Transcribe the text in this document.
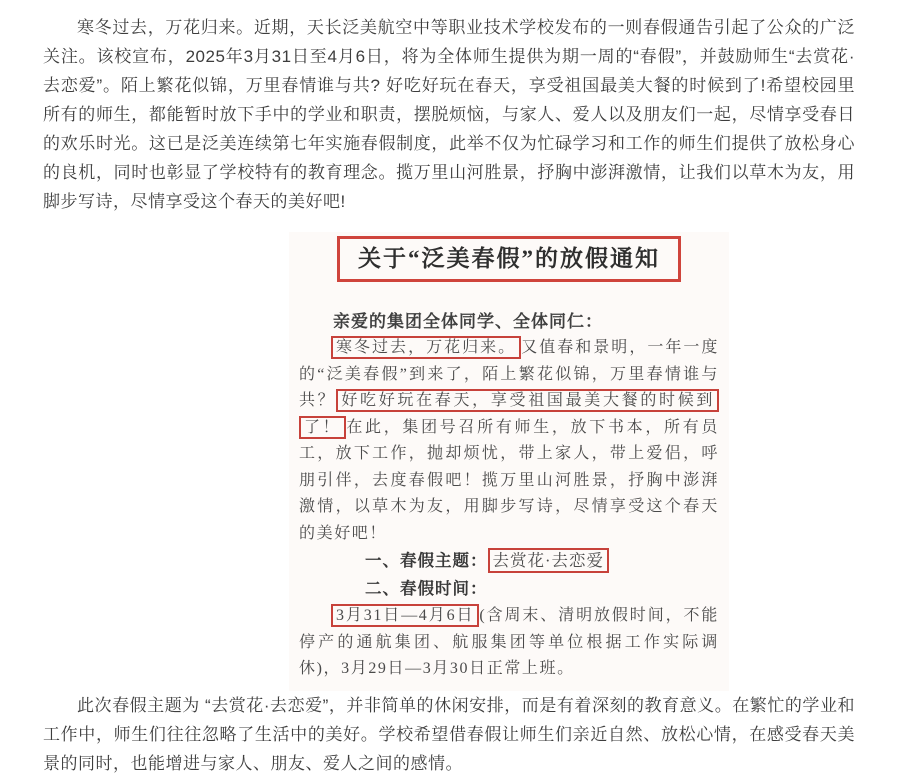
寒冬过去，万花归来。近期，天长泛美航空中等职业技术学校发布的一则春假通告引起了公众的广泛关注。该校宣布，2025年3月31日至4月6日，将为全体师生提供为期一周的“春假”，并鼓励师生“去赏花·去恋爱”。陌上繁花似锦，万里春情谁与共? 好吃好玩在春天，享受祖国最美大餐的时候到了!希望校园里所有的师生，都能暂时放下手中的学业和职责，摆脱烦恼，与家人、爱人以及朋友们一起，尽情享受春日的欢乐时光。这已是泛美连续第七年实施春假制度，此举不仅为忙碌学习和工作的师生们提供了放松身心的良机，同时也彰显了学校特有的教育理念。揽万里山河胜景，抒胸中澎湃激情，让我们以草木为友，用脚步写诗，尽情享受这个春天的美好吧!

关于“泛美春假”的放假通知

亲爱的集团全体同学、全体同仁：

寒冬过去，万花归来。 又值春和景明，一年一度的“泛美春假”到来了，陌上繁花似锦，万里春情谁与共？ 好吃好玩在春天，享受祖国最美大餐的时候到了！ 在此，集团号召所有师生，放下书本，所有员工，放下工作，抛却烦忧，带上家人，带上爱侣，呼朋引伴，去度春假吧！揽万里山河胜景，抒胸中澎湃激情，以草木为友，用脚步写诗，尽情享受这个春天的美好吧！

一、春假主题： 去赏花·去恋爱

二、春假时间：

3月31日—4月6日 (含周末、清明放假时间，不能停产的通航集团、航服集团等单位根据工作实际调休)，3月29日—3月30日正常上班。

此次春假主题为 “去赏花·去恋爱”，并非简单的休闲安排，而是有着深刻的教育意义。在繁忙的学业和工作中，师生们往往忽略了生活中的美好。学校希望借春假让师生们亲近自然、放松心情，在感受春天美景的同时，也能增进与家人、朋友、爱人之间的感情。
